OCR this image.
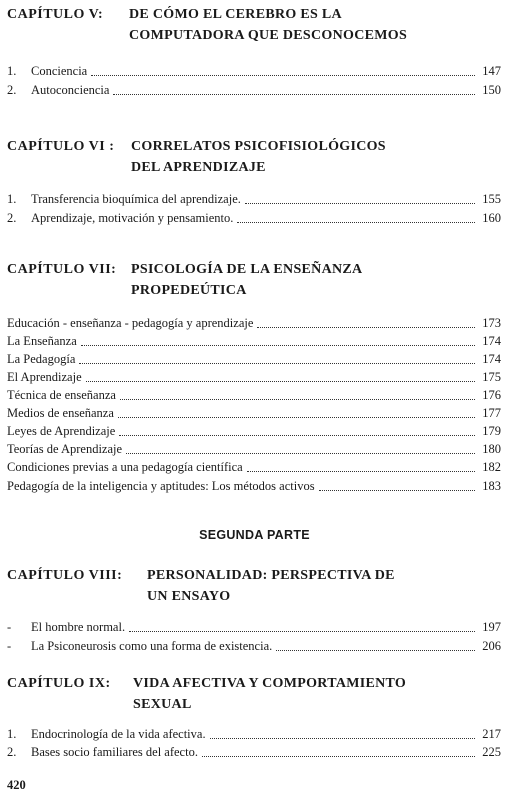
CAPÍTULO V: DE CÓMO EL CEREBRO ES LA
COMPUTADORA QUE DESCONOCEMOS
1.	Conciencia	147
2.	Autoconciencia	150
CAPÍTULO VI : CORRELATOS PSICOFISIOLÓGICOS
DEL APRENDIZAJE
1.	Transferencia bioquímica del aprendizaje.	155
2.	Aprendizaje, motivación y pensamiento.	160
CAPÍTULO VII: PSICOLOGÍA DE LA ENSEÑANZA
PROPEDEÚTICA
Educación - enseñanza - pedagogía y aprendizaje	173
La Enseñanza	174
La Pedagogía	174
El Aprendizaje	175
Técnica de enseñanza	176
Medios de enseñanza	177
Leyes de Aprendizaje	179
Teorías de Aprendizaje	180
Condiciones previas a una pedagogía científica	182
Pedagogía de la inteligencia y aptitudes: Los métodos activos	183
SEGUNDA PARTE
CAPÍTULO VIII: PERSONALIDAD: PERSPECTIVA DE
UN ENSAYO
-	El hombre normal.	197
-	La Psiconeurosis como una forma de existencia.	206
CAPÍTULO IX: VIDA AFECTIVA Y COMPORTAMIENTO
SEXUAL
1.	Endocrinología de la vida afectiva.	217
2.	Bases socio familiares del afecto.	225
420
